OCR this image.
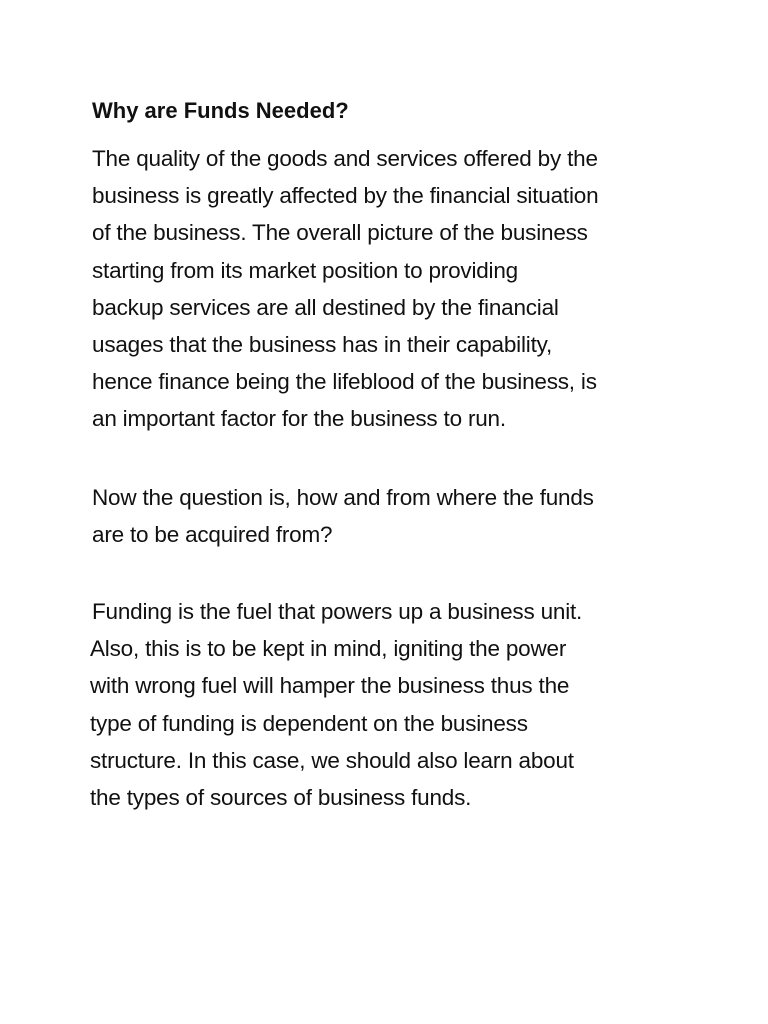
Why are Funds Needed?

The quality of the goods and services offered by the
business is greatly affected by the financial situation
of the business. The overall picture of the business
starting from its market position to providing
backup services are all destined by the financial
usages that the business has in their capability,
hence finance being the lifeblood of the business, is
an important factor for the business to run.

Now the question is, how and from where the funds
are to be acquired from?

Funding is the fuel that powers up a business unit.
Also, this is to be kept in mind, igniting the power
with wrong fuel will hamper the business thus the
type of funding is dependent on the business
structure. In this case, we should also learn about
the types of sources of business funds.
